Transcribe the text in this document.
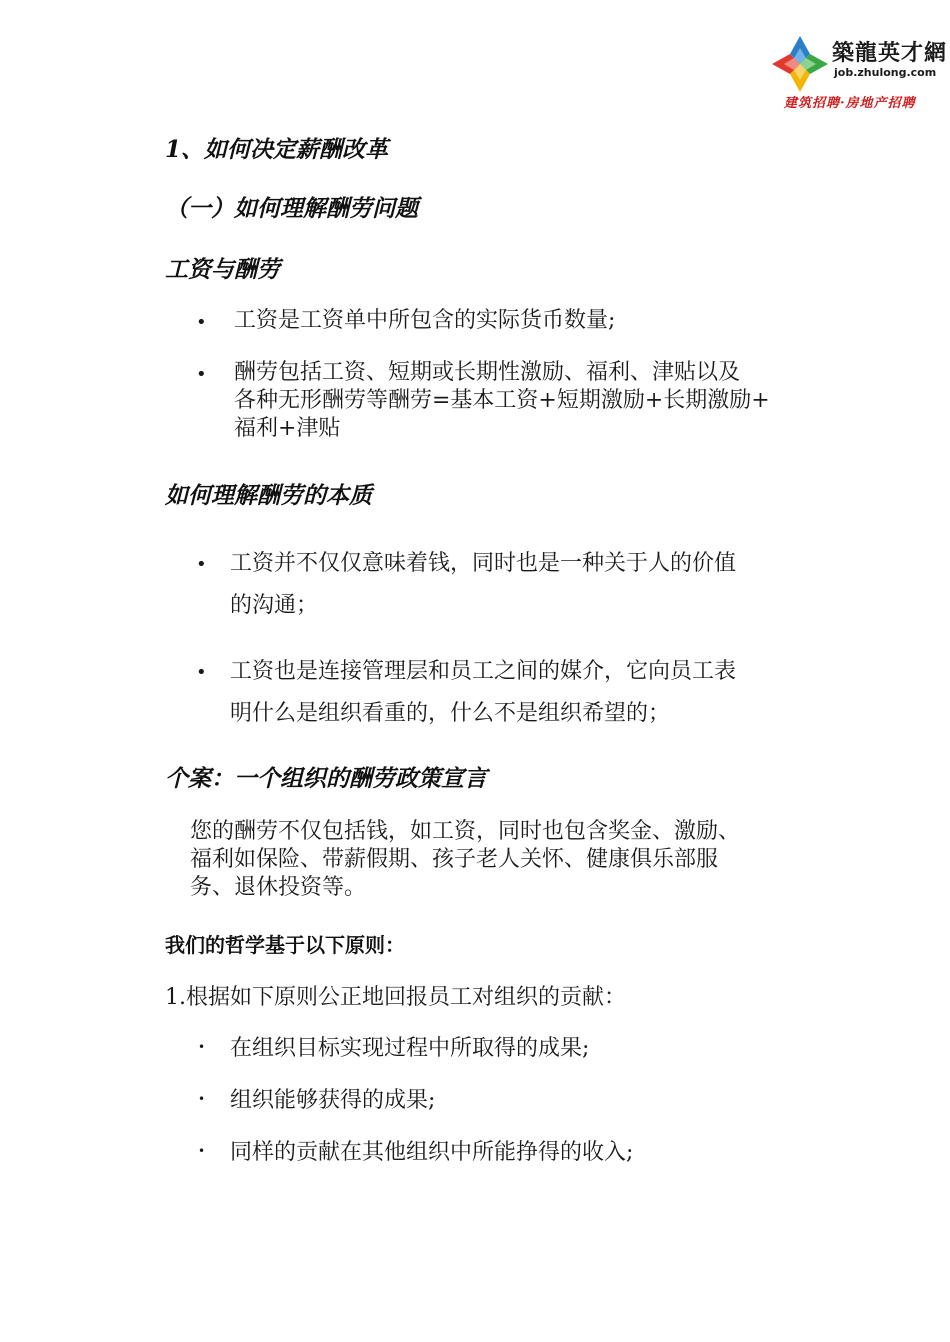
築龍英才網
job.zhulong.com
建筑招聘·房地产招聘
1、如何决定薪酬改革
（一）如何理解酬劳问题
工资与酬劳
• 工资是工资单中所包含的实际货币数量;
• 酬劳包括工资、短期或长期性激励、福利、津贴以及
各种无形酬劳等酬劳=基本工资+短期激励+长期激励+
福利+津贴
如何理解酬劳的本质
• 工资并不仅仅意味着钱，同时也是一种关于人的价值
的沟通；
• 工资也是连接管理层和员工之间的媒介，它向员工表
明什么是组织看重的，什么不是组织希望的；
个案：一个组织的酬劳政策宣言
您的酬劳不仅包括钱，如工资，同时也包含奖金、激励、
福利如保险、带薪假期、孩子老人关怀、健康俱乐部服
务、退休投资等。
我们的哲学基于以下原则：
1.根据如下原则公正地回报员工对组织的贡献：
• 在组织目标实现过程中所取得的成果;
• 组织能够获得的成果;
• 同样的贡献在其他组织中所能挣得的收入;
